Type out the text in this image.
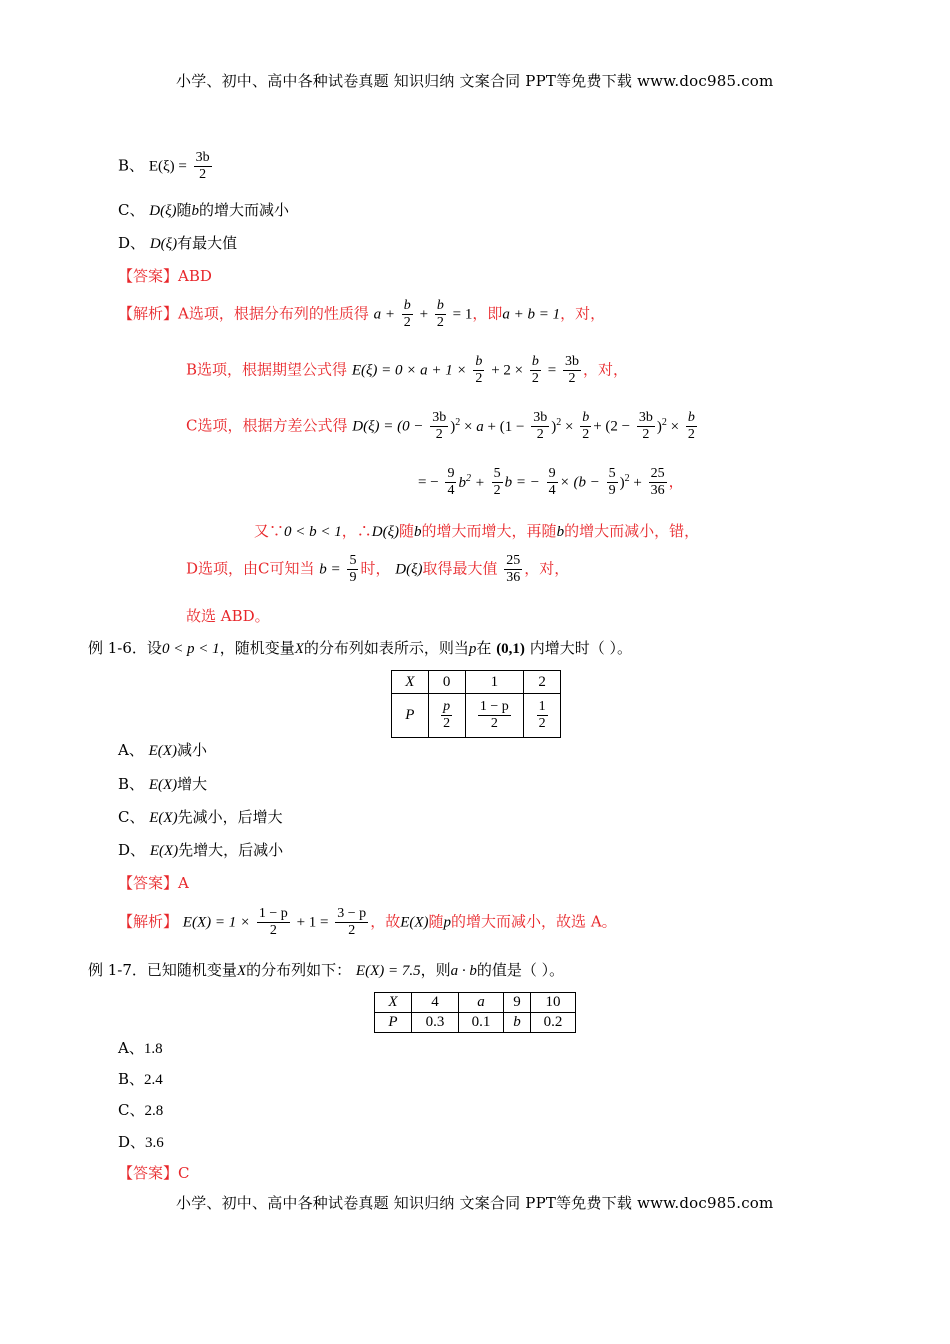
小学、初中、高中各种试卷真题 知识归纳 文案合同 PPT等免费下载 www.doc985.com
B、 $E(\xi) = \frac{3b}{2}$
C、 D(ξ)随b的增大而减小
D、 D(ξ)有最大值
【答案】ABD
【解析】A选项，根据分布列的性质得 $a + \frac{b}{2} + \frac{b}{2} = 1$，即a + b = 1，对，
B选项，根据期望公式得 $E(\xi) = 0 \times a + 1 \times \frac{b}{2} + 2 \times \frac{b}{2} = \frac{3b}{2}$ ，对，
C选项，根据方差公式得 $D(\xi) = (0 - \frac{3b}{2} )^2 \times a + (1 - \frac{3b}{2} )^2 \times \frac{b}{2} + (2 - \frac{3b}{2} )^2 \times \frac{b}{2}$
= − $\frac{9}{4} b^2 + \frac{5}{2}$ b = − $\frac{9}{4} \times (b - \frac{5}{9} )^2 + \frac{25}{36}$ ，
又∵0 < b < 1，∴D(ξ)随b的增大而增大，再随b的增大而减小，错，
D选项，由C可知当 $b = \frac{5}{9}$ 时， D(ξ)取得最大值 $\frac{25}{36}$ ，对，
故选 ABD。
例 1-6．设0 < p < 1，随机变量X的分布列如表所示，则当p在 (0,1) 内增大时（ ）。
X	0	1	2
P	$\frac{p}{2}$	$\frac{1 - p}{2}$	$\frac{1}{2}$
A、 E(X)减小
B、 E(X)增大
C、 E(X)先减小，后增大
D、 E(X)先增大，后减小
【答案】A
【解析】 $E(X) = 1 \times \frac{1 - p}{2} + 1 = \frac{3 - p}{2}$ ，故E(X)随p的增大而减小，故选 A。
例 1-7．已知随机变量X的分布列如下： E(X) = 7.5，则a · b的值是（ ）。
X	4	a	9	10
P	0.3	0.1	b	0.2
A、1.8
B、2.4
C、2.8
D、3.6
【答案】C
小学、初中、高中各种试卷真题 知识归纳 文案合同 PPT等免费下载 www.doc985.com
